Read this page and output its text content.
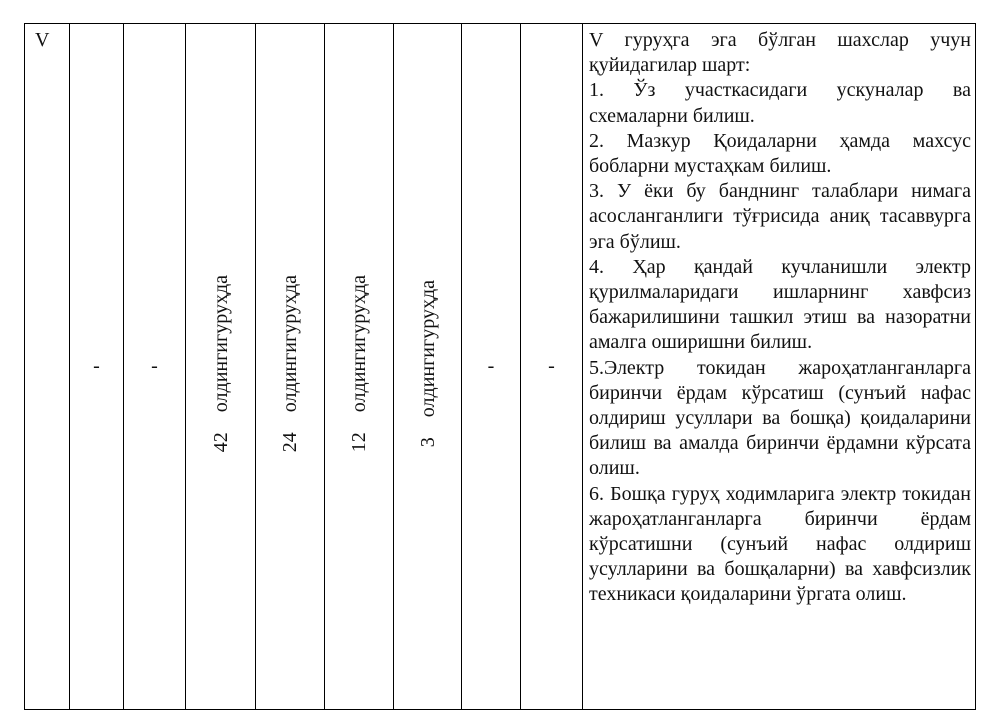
V	-	-	42    олдингигуруҳда	24    олдингигуруҳда	12    олдингигуруҳда	3    олдингигуруҳда	-	-	

V гуруҳга эга бўлган шахслар учун қуйидагилар шарт:

1. Ўз участкасидаги ускуналар ва схемаларни билиш.

2. Мазкур Қоидаларни ҳамда махсус бобларни мустаҳкам билиш.

3. У ёки бу банднинг талаблари нимага асосланганлиги тўғрисида аниқ тасаввурга эга бўлиш.

4. Ҳар қандай кучланишли электр қурилмаларидаги ишларнинг хавфсиз бажарилишини ташкил этиш ва назоратни амалга оширишни билиш.

5.Электр токидан жароҳатланганларга биринчи ёрдам кўрсатиш (сунъий нафас олдириш усуллари ва бошқа) қоидаларини билиш ва амалда биринчи ёрдамни кўрсата олиш.

6. Бошқа гуруҳ ходимларига электр токидан жароҳатланганларга биринчи ёрдам кўрсатишни (сунъий нафас олдириш усулларини ва бошқаларни) ва хавфсизлик техникаси қоидаларини ўргата олиш.
